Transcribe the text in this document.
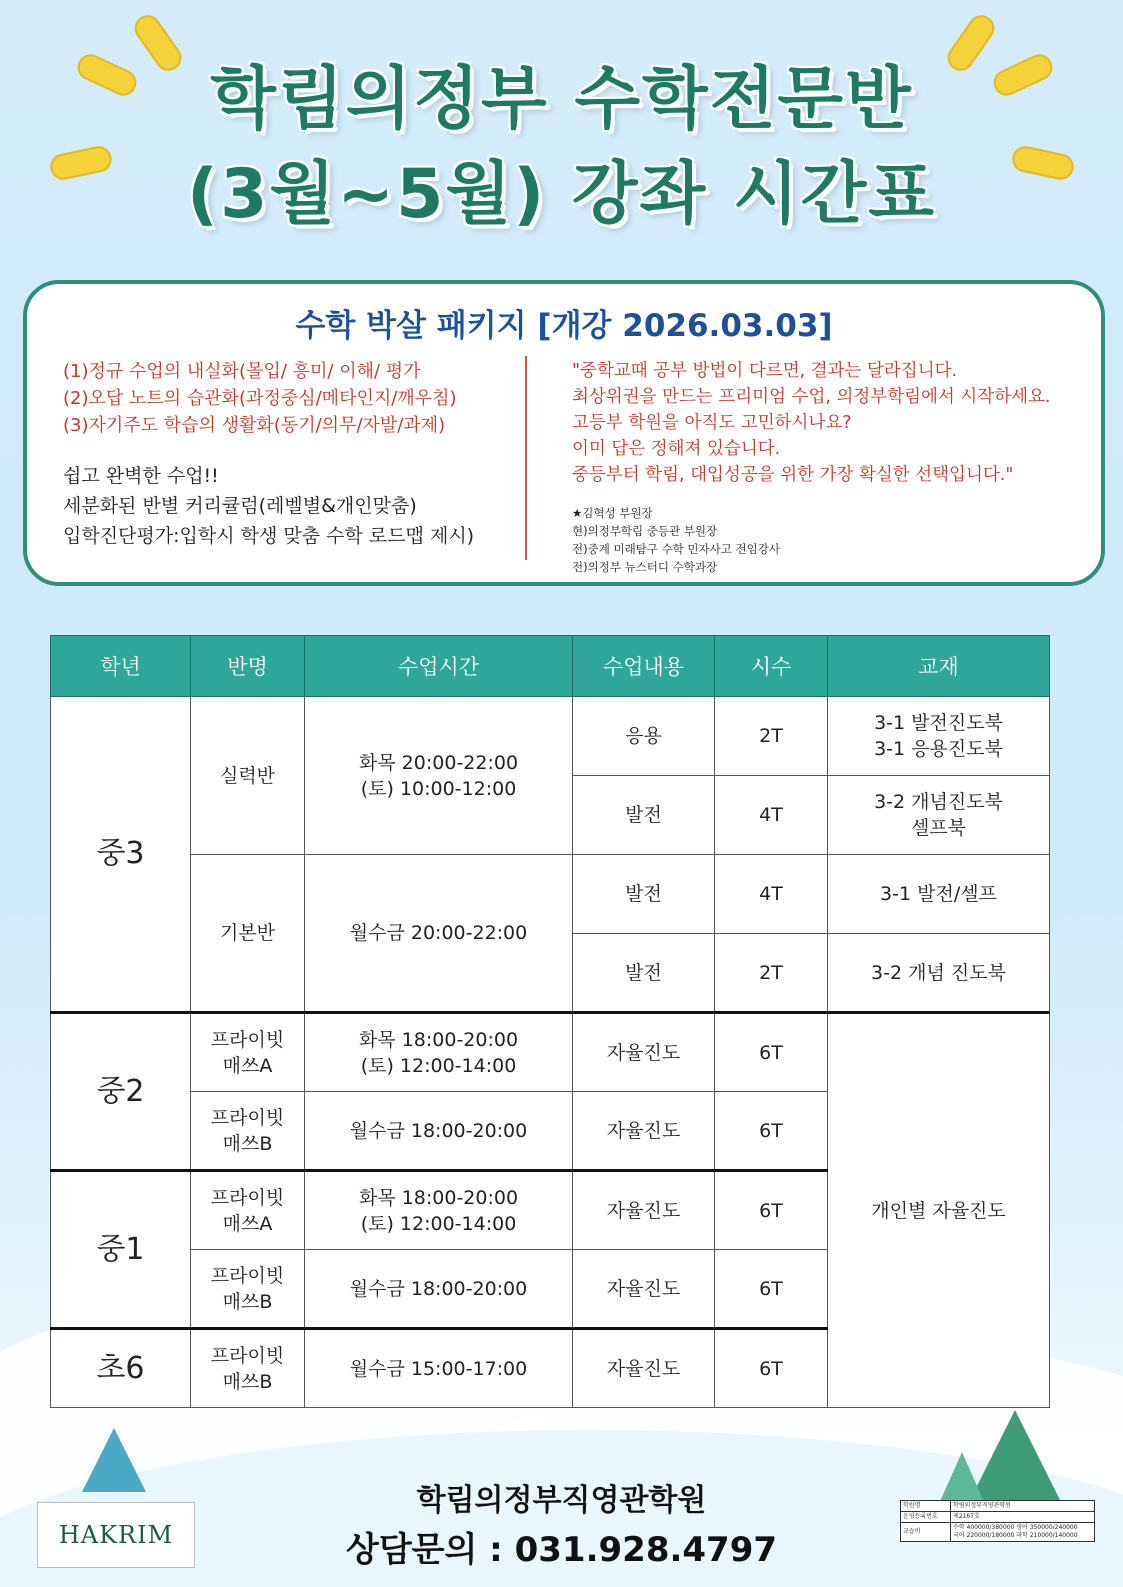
학림의정부 수학전문반
(3월~5월) 강좌 시간표
수학 박살 패키지 [개강 2026.03.03]
(1)정규 수업의 내실화(몰입/ 흥미/ 이해/ 평가
(2)오답 노트의 습관화(과정중심/메타인지/깨우침)
(3)자기주도 학습의 생활화(동기/의무/자발/과제)
쉽고 완벽한 수업!!
세분화된 반별 커리큘럼(레벨별&개인맞춤)
입학진단평가:입학시 학생 맞춤 수학 로드맵 제시)
"중학교때 공부 방법이 다르면, 결과는 달라집니다.
최상위권을 만드는 프리미엄 수업, 의정부학림에서 시작하세요.
고등부 학원을 아직도 고민하시나요?
이미 답은 정해져 있습니다.
중등부터 학림, 대입성공을 위한 가장 확실한 선택입니다."
★김혁성 부원장
현)의정부학림 중등관 부원장
전)중계 미래탐구 수학 민자사고 전임강사
전)의정부 뉴스터디 수학과장
학년	반명	수업시간	수업내용	시수	교재
중3	실력반	화목 20:00-22:00
(토) 10:00-12:00	응용	2T	3-1 발전진도북
3-1 응용진도북
			발전	4T	3-2 개념진도북
셀프북
	기본반	월수금 20:00-22:00	발전	4T	3-1 발전/셀프
			발전	2T	3-2 개념 진도북
중2	프라이빗
매쓰A	화목 18:00-20:00
(토) 12:00-14:00	자율진도	6T	개인별 자율진도
	프라이빗
매쓰B	월수금 18:00-20:00	자율진도	6T	
중1	프라이빗
매쓰A	화목 18:00-20:00
(토) 12:00-14:00	자율진도	6T	
	프라이빗
매쓰B	월수금 18:00-20:00	자율진도	6T	
초6	프라이빗
매쓰B	월수금 15:00-17:00	자율진도	6T	
HAKRIM
학림의정부직영관학원
상담문의 : 031.928.4797
학원명	학림의정부직영관학원
운영등록번호	제2167호
교습비	수학 400000/380000 영어 350000/240000
국어 220000/180000 과학 210000/140000
